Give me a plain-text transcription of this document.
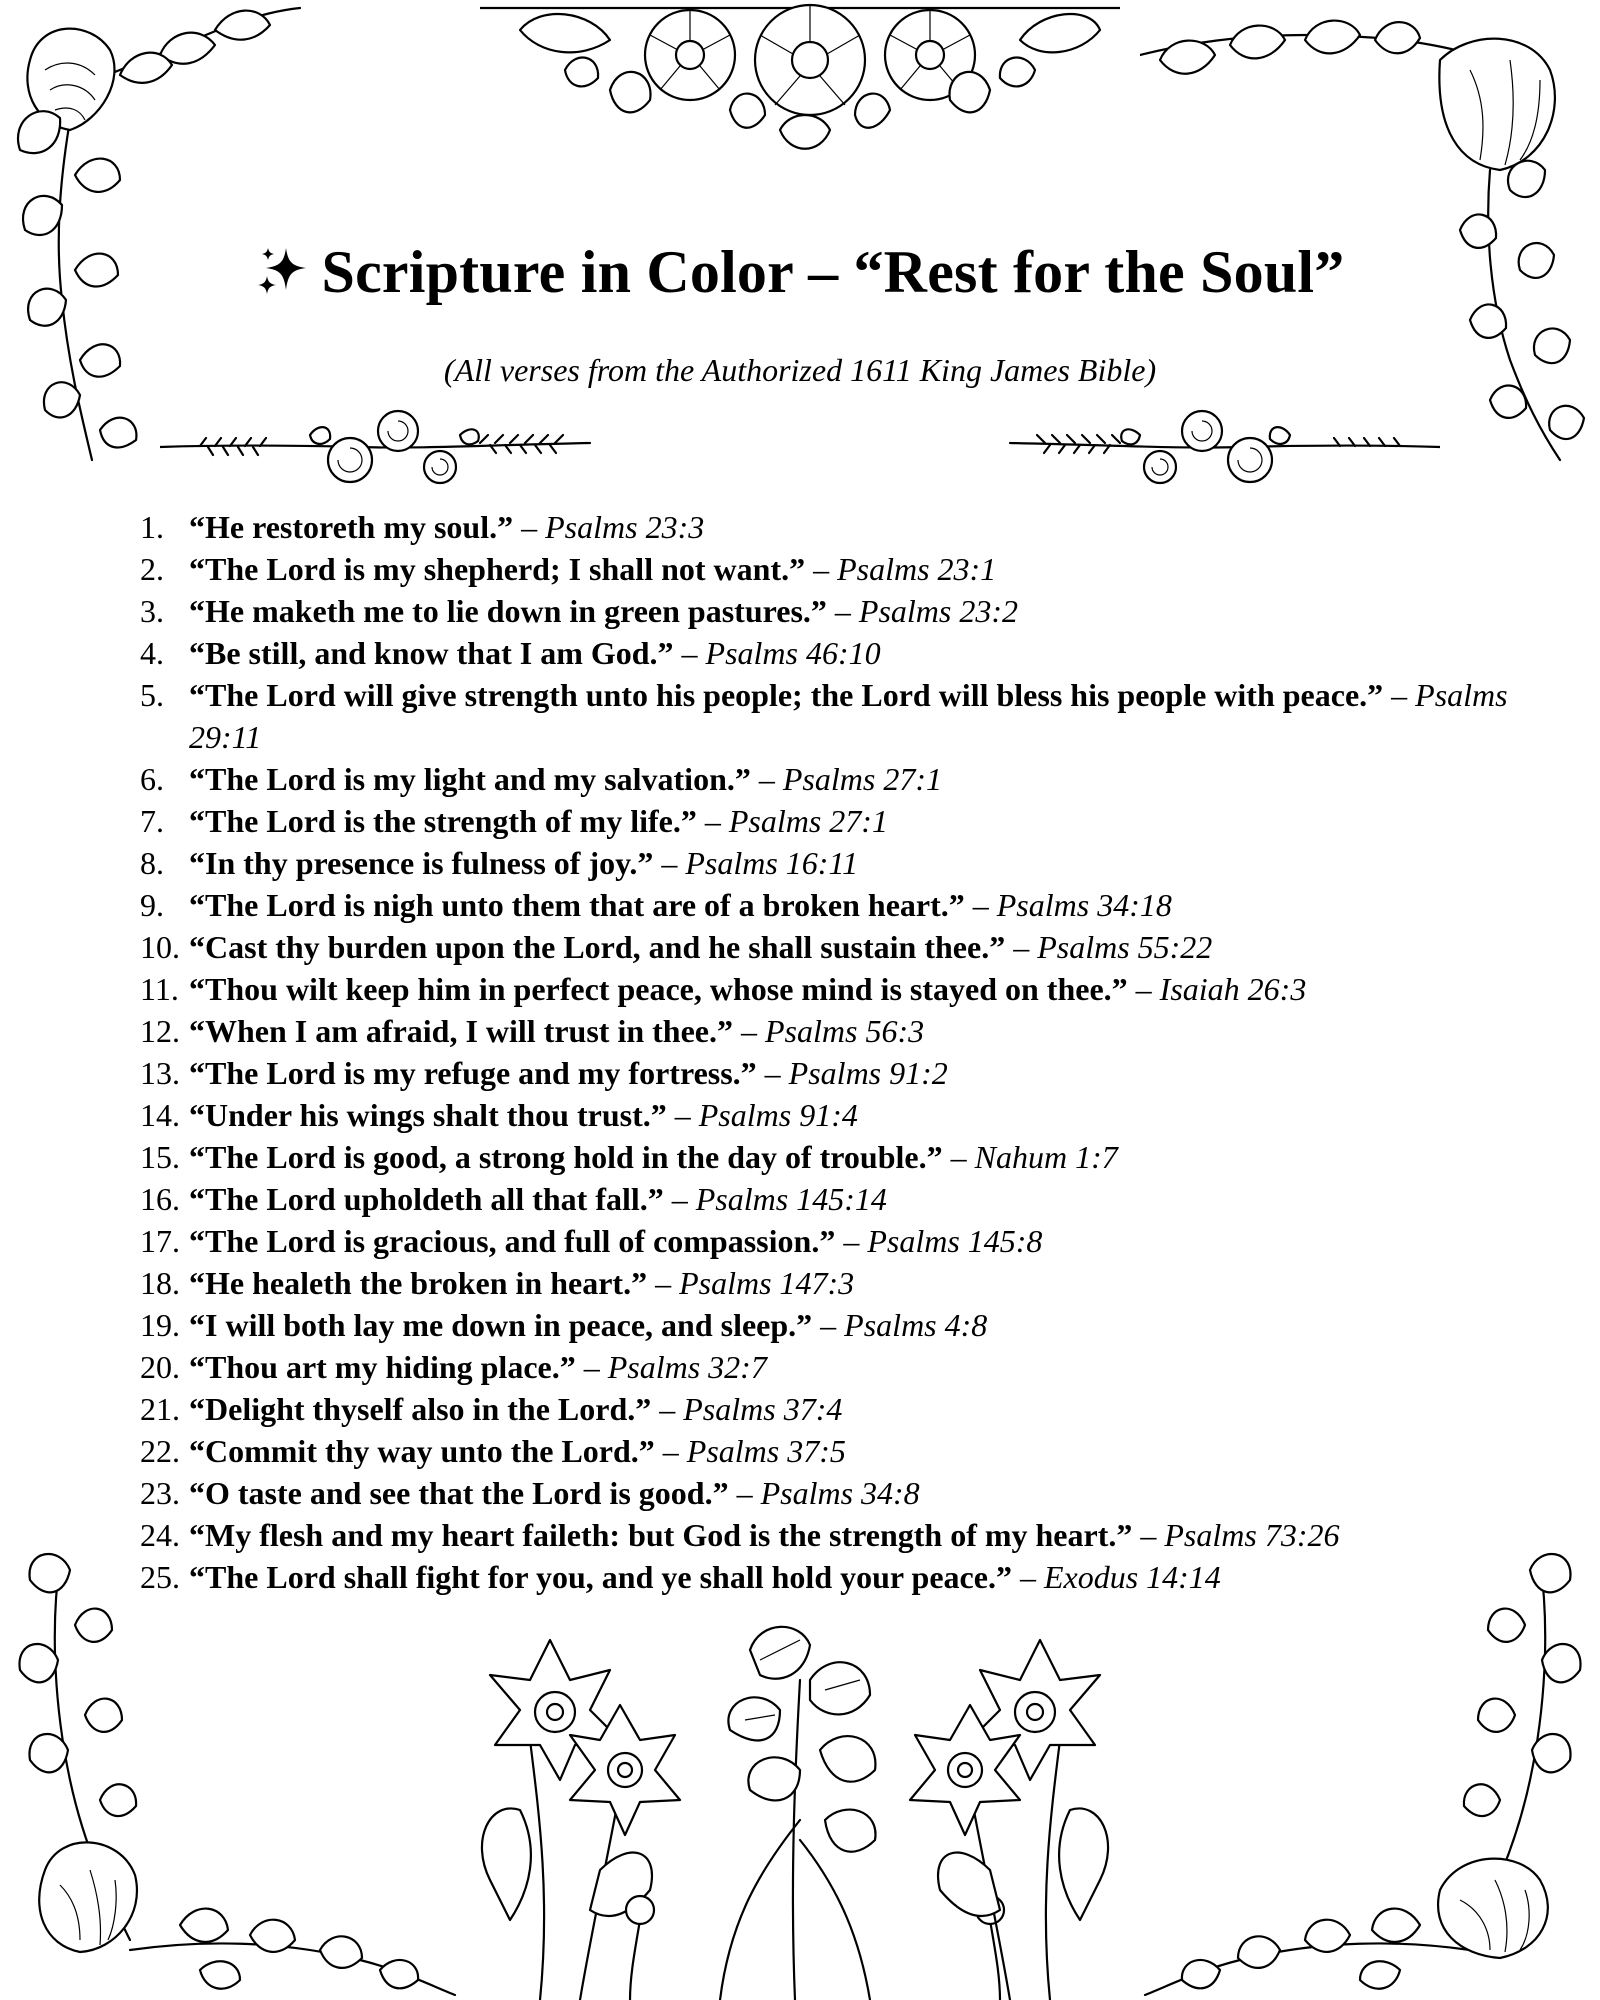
Scripture in Color – “Rest for the Soul”

(All verses from the Authorized 1611 King James Bible)

1. “He restoreth my soul.” – Psalms 23:3
2. “The Lord is my shepherd; I shall not want.” – Psalms 23:1
3. “He maketh me to lie down in green pastures.” – Psalms 23:2
4. “Be still, and know that I am God.” – Psalms 46:10
5. “The Lord will give strength unto his people; the Lord will bless his people with peace.” – Psalms 29:11
6. “The Lord is my light and my salvation.” – Psalms 27:1
7. “The Lord is the strength of my life.” – Psalms 27:1
8. “In thy presence is fulness of joy.” – Psalms 16:11
9. “The Lord is nigh unto them that are of a broken heart.” – Psalms 34:18
10. “Cast thy burden upon the Lord, and he shall sustain thee.” – Psalms 55:22
11. “Thou wilt keep him in perfect peace, whose mind is stayed on thee.” – Isaiah 26:3
12. “When I am afraid, I will trust in thee.” – Psalms 56:3
13. “The Lord is my refuge and my fortress.” – Psalms 91:2
14. “Under his wings shalt thou trust.” – Psalms 91:4
15. “The Lord is good, a strong hold in the day of trouble.” – Nahum 1:7
16. “The Lord upholdeth all that fall.” – Psalms 145:14
17. “The Lord is gracious, and full of compassion.” – Psalms 145:8
18. “He healeth the broken in heart.” – Psalms 147:3
19. “I will both lay me down in peace, and sleep.” – Psalms 4:8
20. “Thou art my hiding place.” – Psalms 32:7
21. “Delight thyself also in the Lord.” – Psalms 37:4
22. “Commit thy way unto the Lord.” – Psalms 37:5
23. “O taste and see that the Lord is good.” – Psalms 34:8
24. “My flesh and my heart faileth: but God is the strength of my heart.” – Psalms 73:26
25. “The Lord shall fight for you, and ye shall hold your peace.” – Exodus 14:14
